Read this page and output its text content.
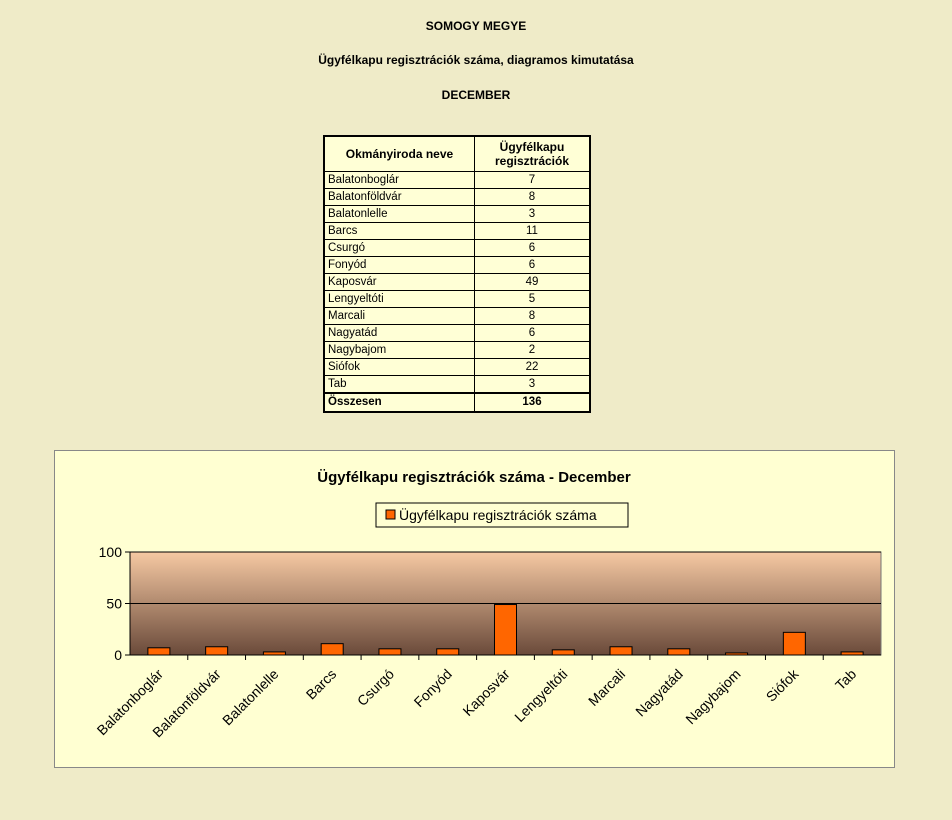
SOMOGY MEGYE
Ügyfélkapu regisztrációk száma, diagramos kimutatása
DECEMBER
Okmányiroda neve	Ügyfélkapu regisztrációk
Balatonboglár	7
Balatonföldvár	8
Balatonlelle	3
Barcs	11
Csurgó	6
Fonyód	6
Kaposvár	49
Lengyeltóti	5
Marcali	8
Nagyatád	6
Nagybajom	2
Siófok	22
Tab	3
Összesen	136
Ügyfélkapu regisztrációk száma - December
Ügyfélkapu regisztrációk száma
0
50
100
Balatonboglár
Balatonföldvár
Balatonlelle Barcs Csurgó Fonyód Kaposvár
Lengyeltóti Marcali Nagyatád
Nagybajom Siófok Tab
